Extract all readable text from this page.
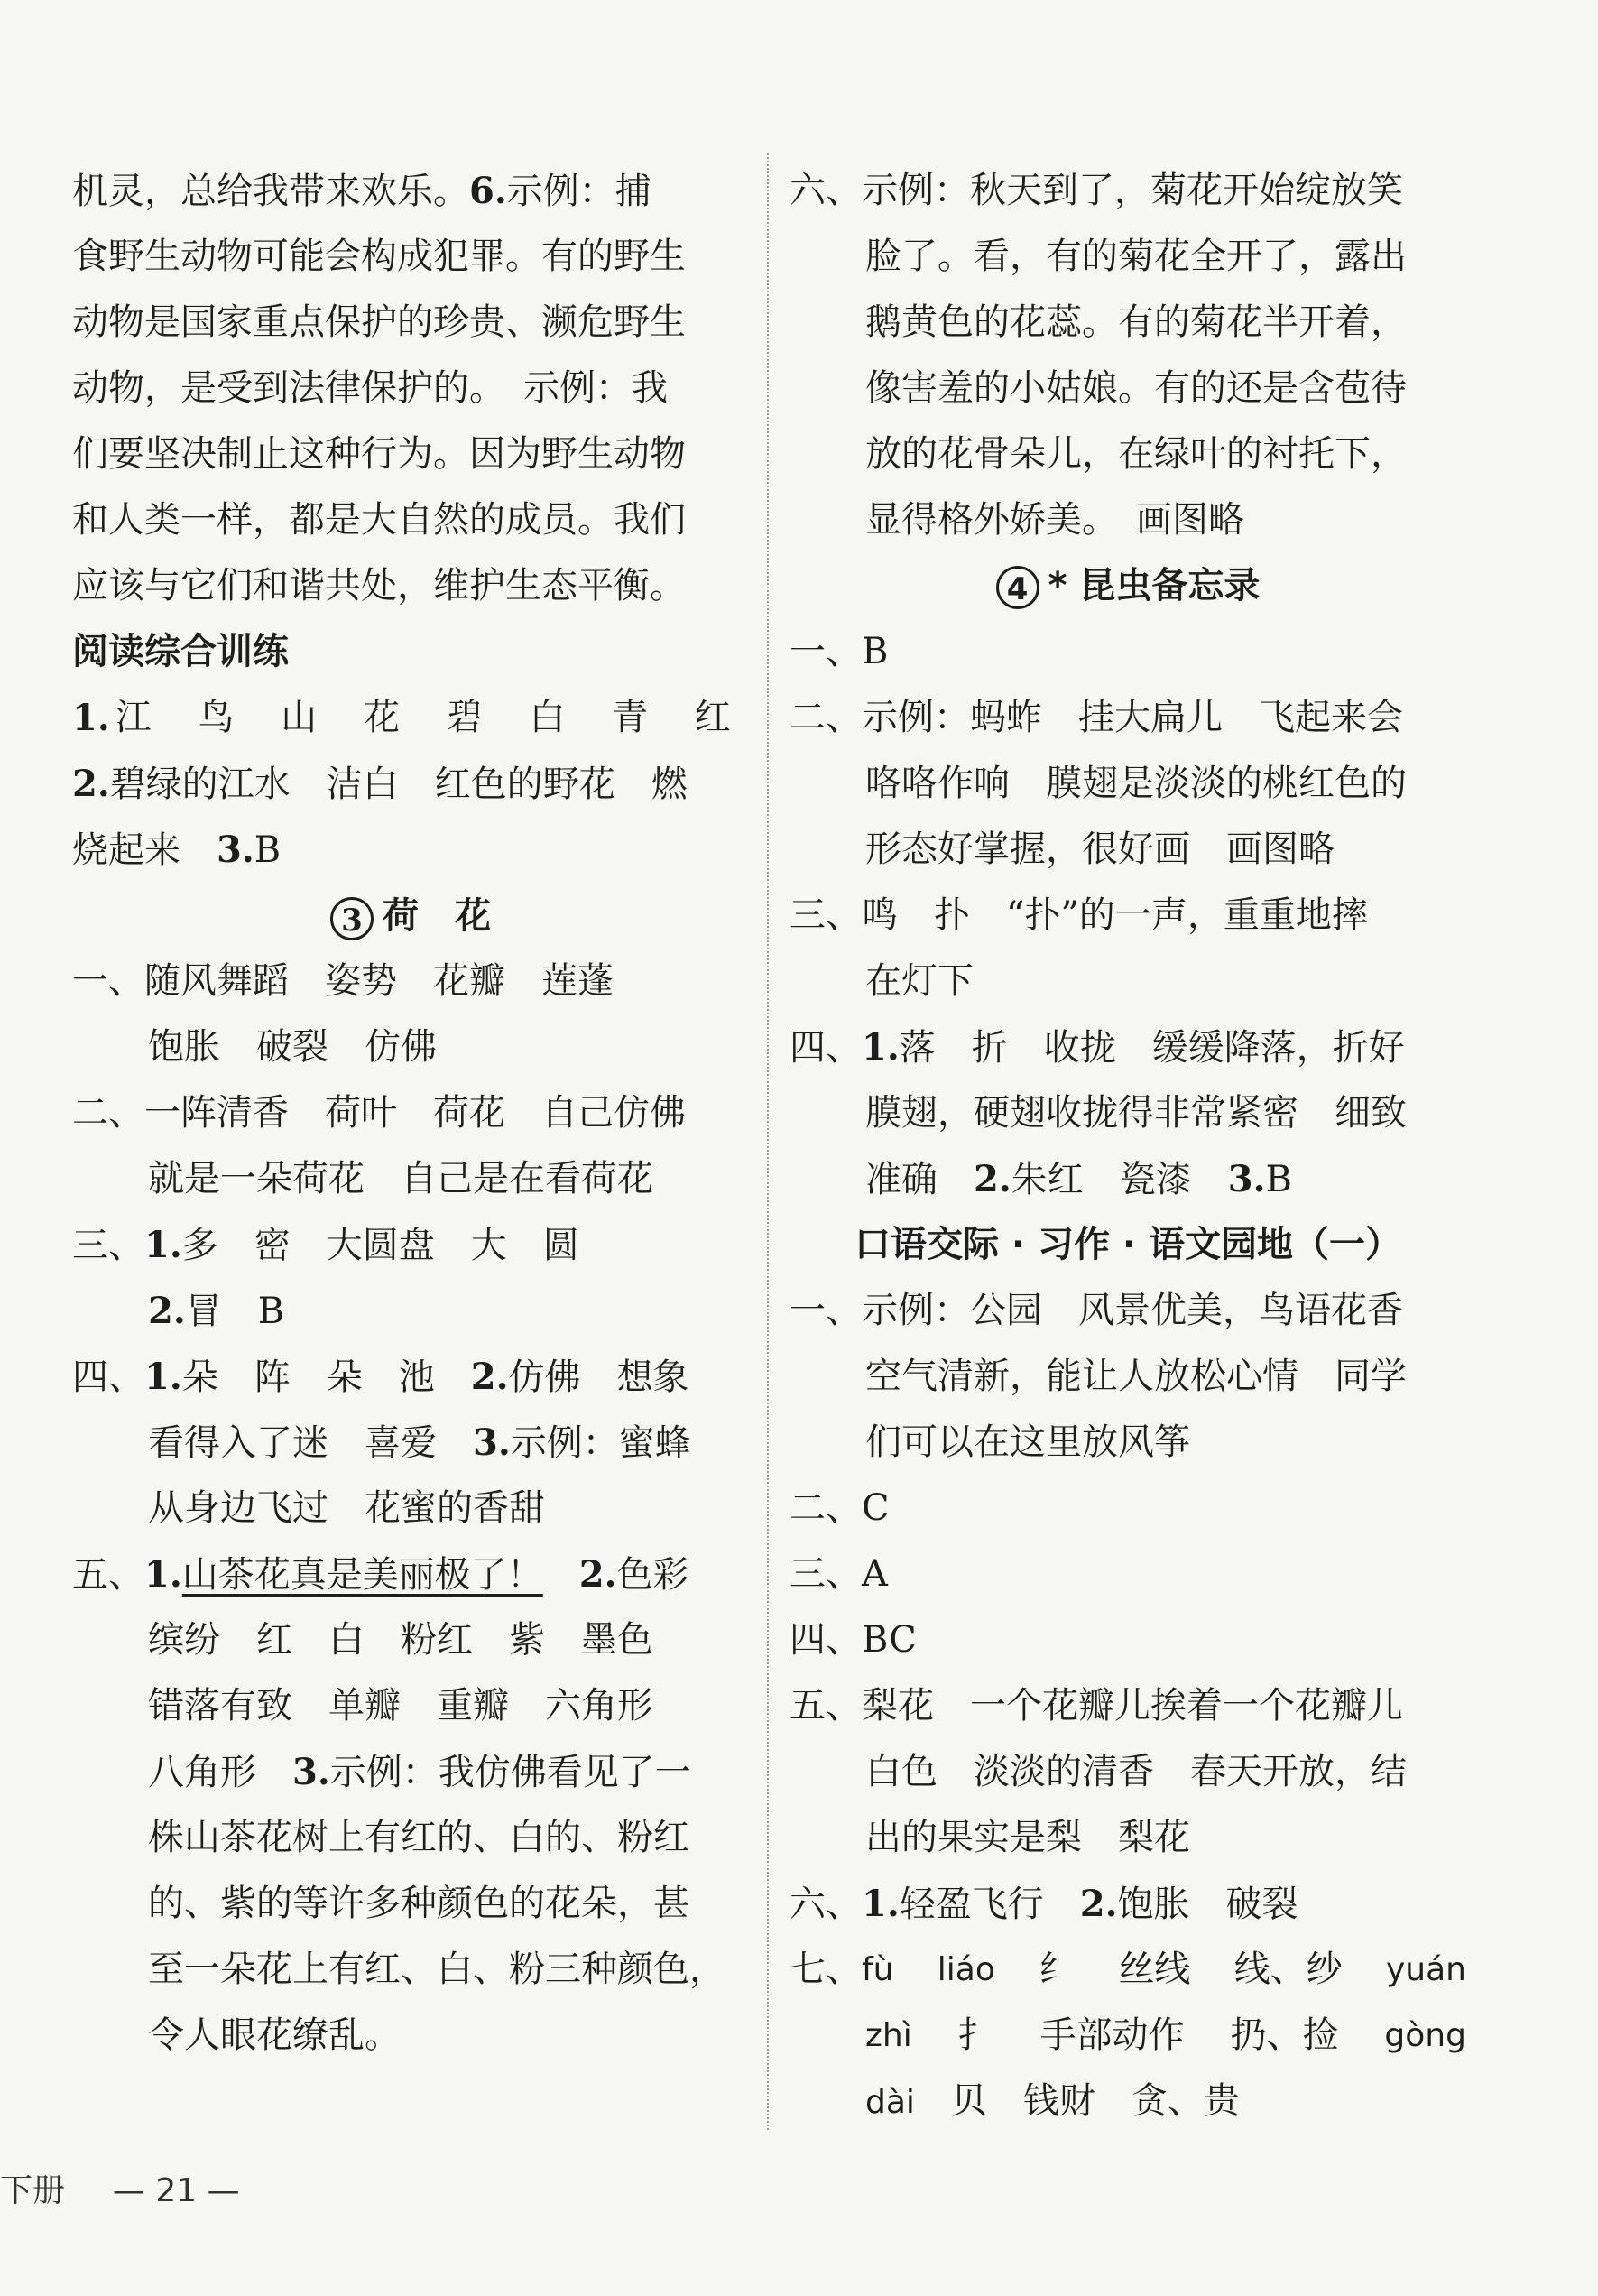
机灵，总给我带来欢乐。6.示例：捕
食野生动物可能会构成犯罪。有的野生
动物是国家重点保护的珍贵、濒危野生
动物，是受到法律保护的。　示例：我
们要坚决制止这种行为。因为野生动物
和人类一样，都是大自然的成员。我们
应该与它们和谐共处，维护生态平衡。
阅读综合训练
1. 江 鸟 山 花 碧 白 青 红
2.碧绿的江水　洁白　红色的野花　燃
烧起来　3.B
3 荷　花
一、随风舞蹈　姿势　花瓣　莲蓬
饱胀　破裂　仿佛
二、一阵清香　荷叶　荷花　自己仿佛
就是一朵荷花　自己是在看荷花
三、1.多　密　大圆盘　大　圆
2.冒　B
四、1.朵　阵　朵　池　2.仿佛　想象
看得入了迷　喜爱　3.示例：蜜蜂
从身边飞过　花蜜的香甜
五、1.山茶花真是美丽极了！　 2.色彩
缤纷　红　白　粉红　紫　墨色
错落有致　单瓣　重瓣　六角形
八角形　3.示例：我仿佛看见了一
株山茶花树上有红的、白的、粉红
的、紫的等许多种颜色的花朵，甚
至一朵花上有红、白、粉三种颜色，
令人眼花缭乱。
六、示例：秋天到了，菊花开始绽放笑
脸了。看，有的菊花全开了，露出
鹅黄色的花蕊。有的菊花半开着，
像害羞的小姑娘。有的还是含苞待
放的花骨朵儿，在绿叶的衬托下，
显得格外娇美。　画图略
4 * 昆虫备忘录
一、B
二、示例：蚂蚱　挂大扁儿　飞起来会
咯咯作响　膜翅是淡淡的桃红色的
形态好掌握，很好画　画图略
三、鸣　扑　“扑”的一声，重重地摔
在灯下
四、1.落　折　收拢　缓缓降落，折好
膜翅，硬翅收拢得非常紧密　细致
准确　2.朱红　瓷漆　3.B
口语交际 · 习作 · 语文园地（一）
一、示例：公园　风景优美，鸟语花香
空气清新，能让人放松心情　同学
们可以在这里放风筝
二、C
三、A
四、BC
五、梨花　一个花瓣儿挨着一个花瓣儿
白色　淡淡的清香　春天开放，结
出的果实是梨　梨花
六、1.轻盈飞行　2.饱胀　破裂
七、 fù liáo 纟 丝线 线、纱 yuán
zhì 扌 手部动作 扔、捡 gòng
dài　 贝　 钱财　 贪、贵
下册 — 21 —
